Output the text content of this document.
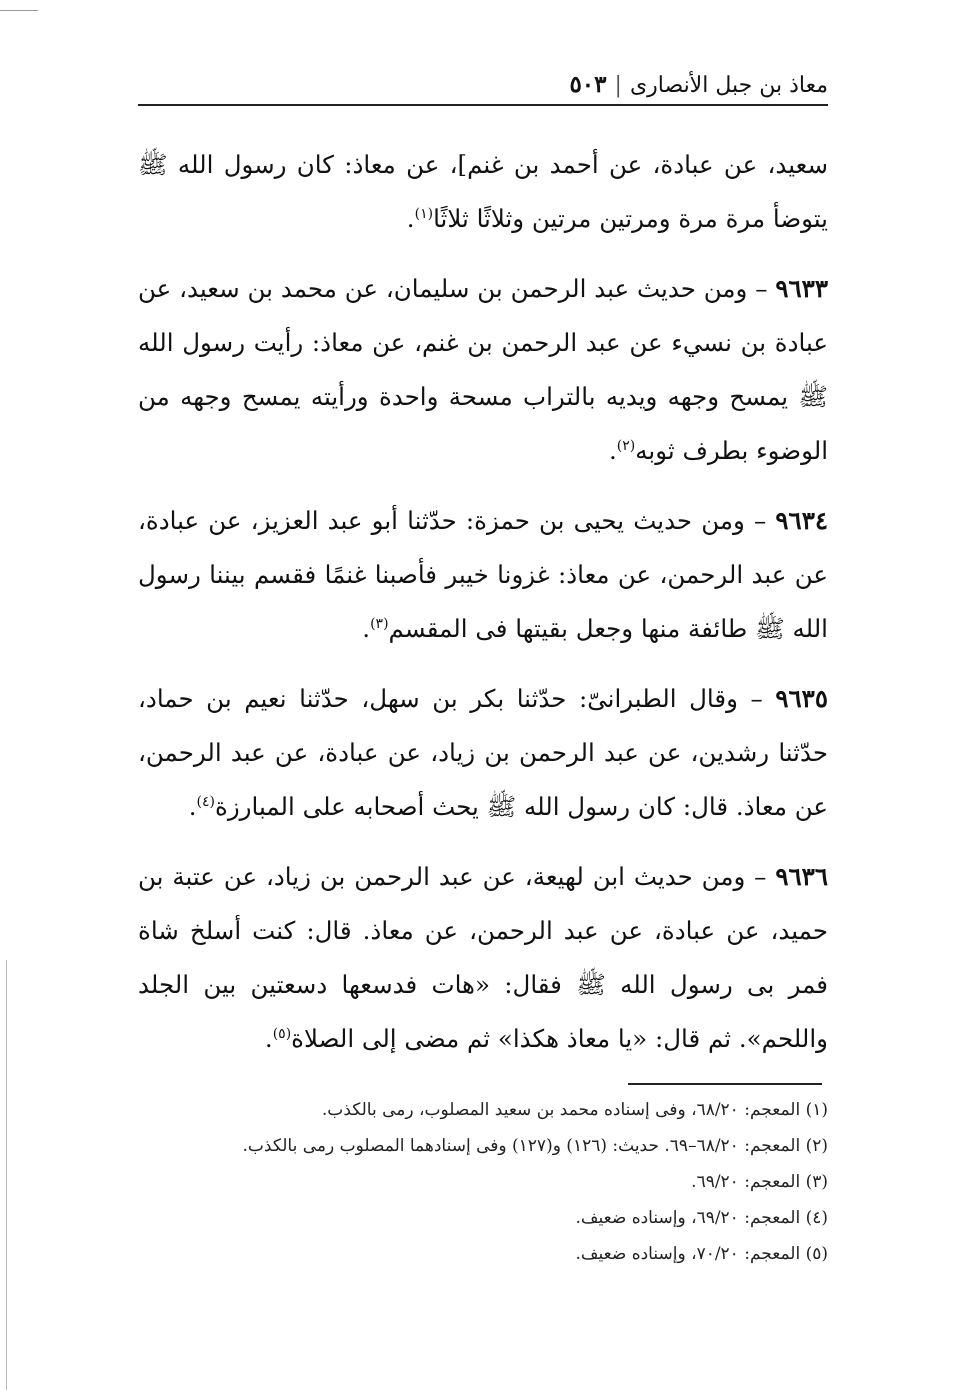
معاذ بن جبل الأنصارى
|
٥٠٣

سعيد، عن عبادة، عن أحمد بن غنم]، عن معاذ: كان رسول الله ﷺ يتوضأ مرة مرة ومرتين مرتين وثلاثًا ثلاثًا$^{(١)}$.

٩٦٣٣ – ومن حديث عبد الرحمن بن سليمان، عن محمد بن سعيد، عن عبادة بن نسيء عن عبد الرحمن بن غنم، عن معاذ: رأيت رسول الله ﷺ يمسح وجهه ويديه بالتراب مسحة واحدة ورأيته يمسح وجهه من الوضوء بطرف ثوبه$^{(٢)}$.

٩٦٣٤ – ومن حديث يحيى بن حمزة: حدّثنا أبو عبد العزيز، عن عبادة، عن عبد الرحمن، عن معاذ: غزونا خيبر فأصبنا غنمًا فقسم بيننا رسول الله ﷺ طائفة منها وجعل بقيتها فى المقسم$^{(٣)}$.

٩٦٣٥ – وقال الطبرانىّ: حدّثنا بكر بن سهل، حدّثنا نعيم بن حماد، حدّثنا رشدين، عن عبد الرحمن بن زياد، عن عبادة، عن عبد الرحمن، عن معاذ. قال: كان رسول الله ﷺ يحث أصحابه على المبارزة$^{(٤)}$.

٩٦٣٦ – ومن حديث ابن لهيعة، عن عبد الرحمن بن زياد، عن عتبة بن حميد، عن عبادة، عن عبد الرحمن، عن معاذ. قال: كنت أسلخ شاة فمر بى رسول الله ﷺ فقال: «هات فدسعها دسعتين بين الجلد واللحم». ثم قال: «يا معاذ هكذا» ثم مضى إلى الصلاة$^{(٥)}$.

(١) المعجم: ٦٨/٢٠، وفى إسناده محمد بن سعيد المصلوب، رمى بالكذب.

(٢) المعجم: ٦٨/٢٠–٦٩. حديث: (١٢٦) و(١٢٧) وفى إسنادهما المصلوب رمى بالكذب.

(٣) المعجم: ٦٩/٢٠.

(٤) المعجم: ٦٩/٢٠، وإسناده ضعيف.

(٥) المعجم: ٧٠/٢٠، وإسناده ضعيف.
